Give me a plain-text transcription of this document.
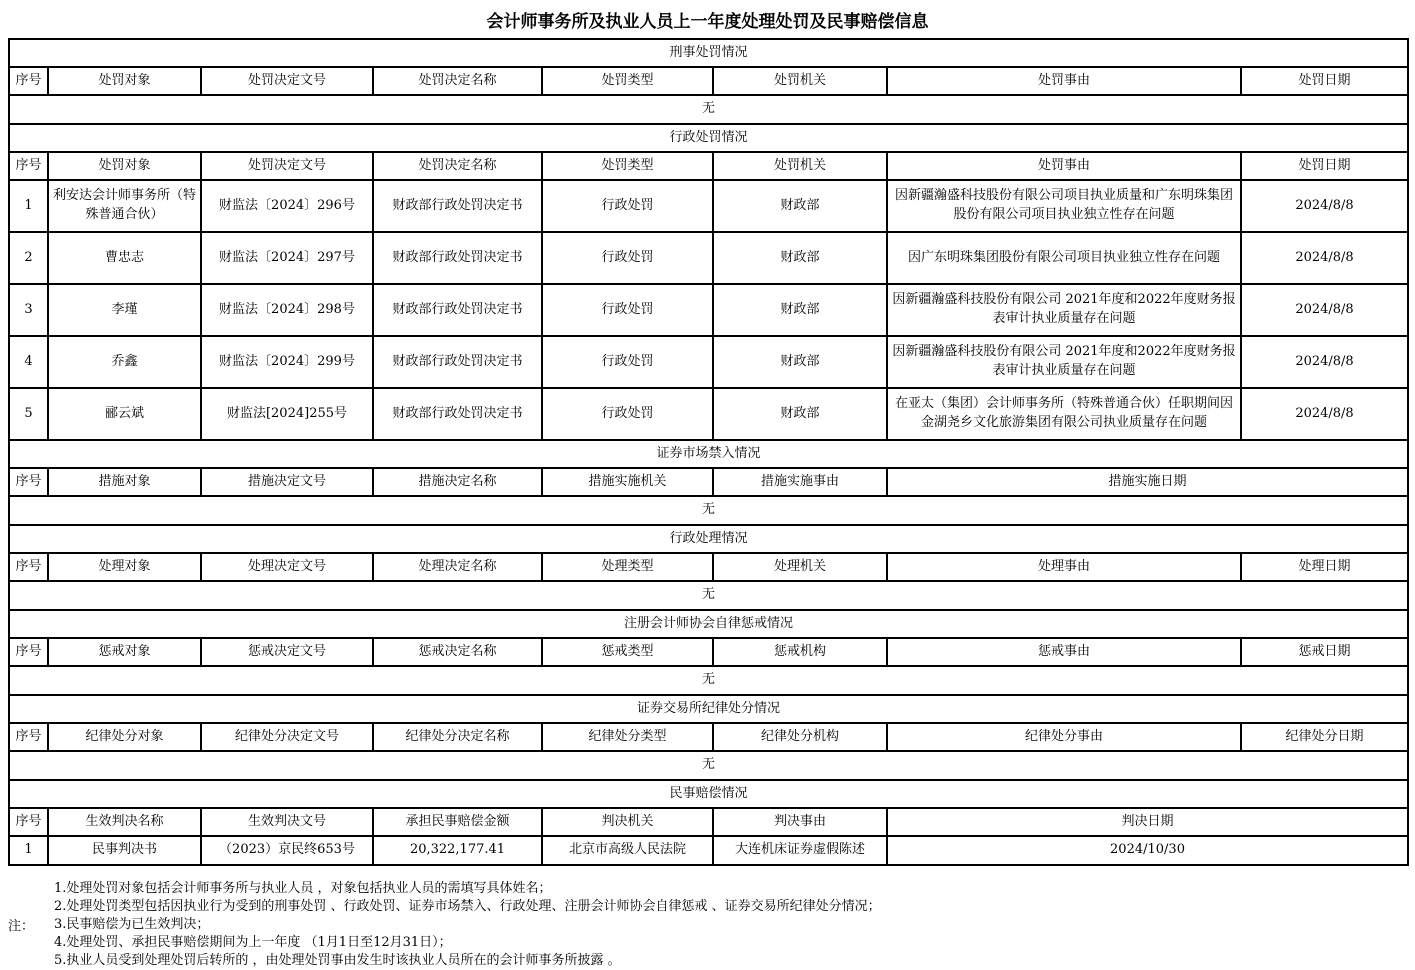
会计师事务所及执业人员上一年度处理处罚及民事赔偿信息
刑事处罚情况							
序号	处罚对象	处罚决定文号	处罚决定名称	处罚类型	处罚机关	处罚事由	处罚日期
无							
行政处罚情况							
序号	处罚对象	处罚决定文号	处罚决定名称	处罚类型	处罚机关	处罚事由	处罚日期
1	利安达会计师事务所（特殊普通合伙）	财监法〔2024〕296号	财政部行政处罚决定书	行政处罚	财政部	因新疆瀚盛科技股份有限公司项目执业质量和广东明珠集团股份有限公司项目执业独立性存在问题	2024/8/8
2	曹忠志	财监法〔2024〕297号	财政部行政处罚决定书	行政处罚	财政部	因广东明珠集团股份有限公司项目执业独立性存在问题	2024/8/8
3	李瑾	财监法〔2024〕298号	财政部行政处罚决定书	行政处罚	财政部	因新疆瀚盛科技股份有限公司 2021年度和2022年度财务报表审计执业质量存在问题	2024/8/8
4	乔鑫	财监法〔2024〕299号	财政部行政处罚决定书	行政处罚	财政部	因新疆瀚盛科技股份有限公司 2021年度和2022年度财务报表审计执业质量存在问题	2024/8/8
5	郦云斌	财监法[2024]255号	财政部行政处罚决定书	行政处罚	财政部	在亚太（集团）会计师事务所（特殊普通合伙）任职期间因金湖尧乡文化旅游集团有限公司执业质量存在问题	2024/8/8
证券市场禁入情况							
序号	措施对象	措施决定文号	措施决定名称	措施实施机关	措施实施事由	措施实施日期	
无							
行政处理情况							
序号	处理对象	处理决定文号	处理决定名称	处理类型	处理机关	处理事由	处理日期
无							
注册会计师协会自律惩戒情况							
序号	惩戒对象	惩戒决定文号	惩戒决定名称	惩戒类型	惩戒机构	惩戒事由	惩戒日期
无							
证券交易所纪律处分情况							
序号	纪律处分对象	纪律处分决定文号	纪律处分决定名称	纪律处分类型	纪律处分机构	纪律处分事由	纪律处分日期
无							
民事赔偿情况							
序号	生效判决名称	生效判决文号	承担民事赔偿金额	判决机关	判决事由	判决日期	
1	民事判决书	（2023）京民终653号	20,322,177.41	北京市高级人民法院	大连机床证券虚假陈述	2024/10/30	
注：
1.处理处罚对象包括会计师事务所与执业人员 ，对象包括执业人员的需填写具体姓名；
2.处理处罚类型包括因执业行为受到的刑事处罚 、行政处罚、证券市场禁入、行政处理、注册会计师协会自律惩戒 、证券交易所纪律处分情况；
3.民事赔偿为已生效判决；
4.处理处罚、承担民事赔偿期间为上一年度 （1月1日至12月31日）；
5.执业人员受到处理处罚后转所的 ，由处理处罚事由发生时该执业人员所在的会计师事务所披露 。
